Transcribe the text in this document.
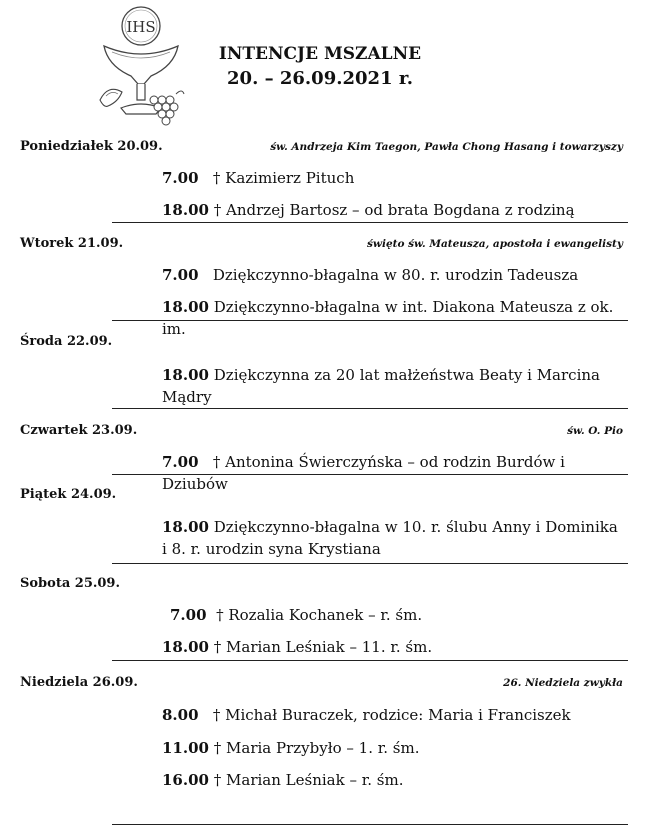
IHS
INTENCJE MSZALNE
20. – 26.09.2021 r.
Poniedziałek 20.09.	św. Andrzeja Kim Taegon, Pawła Chong Hasang i towarzyszy
7.00 † Kazimierz Pituch
18.00 † Andrzej Bartosz – od brata Bogdana z rodziną
Wtorek 21.09.	święto św. Mateusza, apostoła i ewangelisty
7.00 Dziękczynno-błagalna w 80. r. urodzin Tadeusza
18.00 Dziękczynno-błagalna w int. Diakona Mateusza z ok. im.
Środa 22.09.
18.00 Dziękczynna za 20 lat małżeństwa Beaty i Marcina
Mądry
Czwartek 23.09.	św. O. Pio
7.00 † Antonina Świerczyńska – od rodzin Burdów i Dziubów
Piątek 24.09.
18.00 Dziękczynno-błagalna w 10. r. ślubu Anny i Dominika
i 8. r. urodzin syna Krystiana
Sobota 25.09.
7.00 † Rozalia Kochanek – r. śm.
18.00 † Marian Leśniak – 11. r. śm.
Niedziela 26.09.	26. Niedziela zwykła
8.00 † Michał Buraczek, rodzice: Maria i Franciszek
11.00 † Maria Przybyło – 1. r. śm.
16.00 † Marian Leśniak – r. śm.
